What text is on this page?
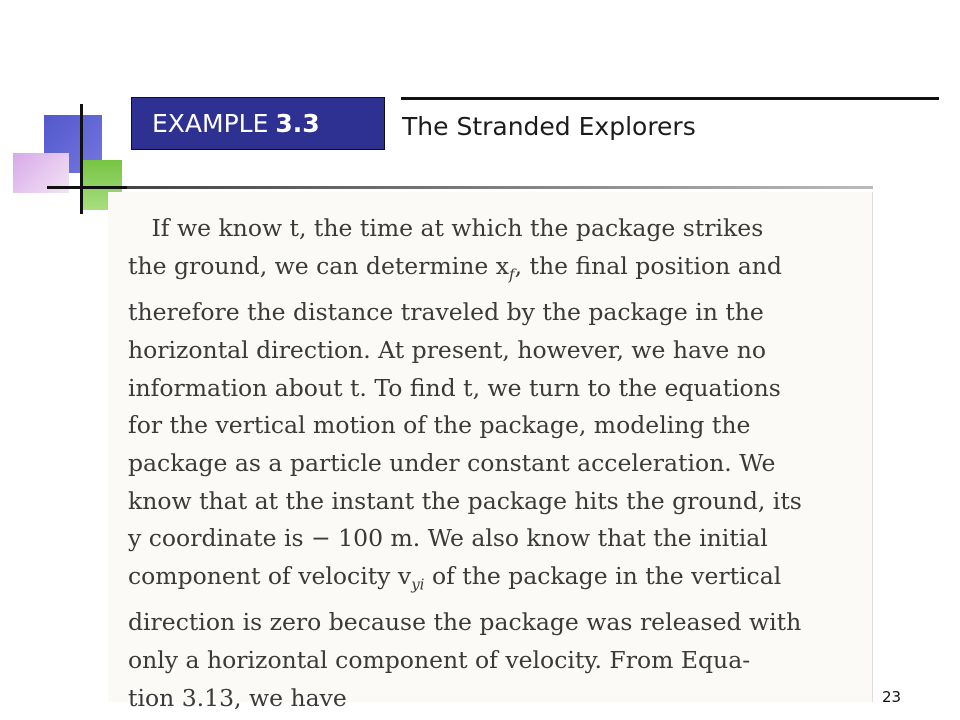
EXAMPLE 3.3	The Stranded Explorers
 If we know t, the time at which the package strikes
the ground, we can determine $x_f$, the final position and
therefore the distance traveled by the package in the
horizontal direction. At present, however, we have no
information about t. To find t, we turn to the equations
for the vertical motion of the package, modeling the
package as a particle under constant acceleration. We
know that at the instant the package hits the ground, its
y coordinate is − 100 m. We also know that the initial
component of velocity $v_{yi}$ of the package in the vertical
direction is zero because the package was released with
only a horizontal component of velocity. From Equa-
tion 3.13, we have	23
